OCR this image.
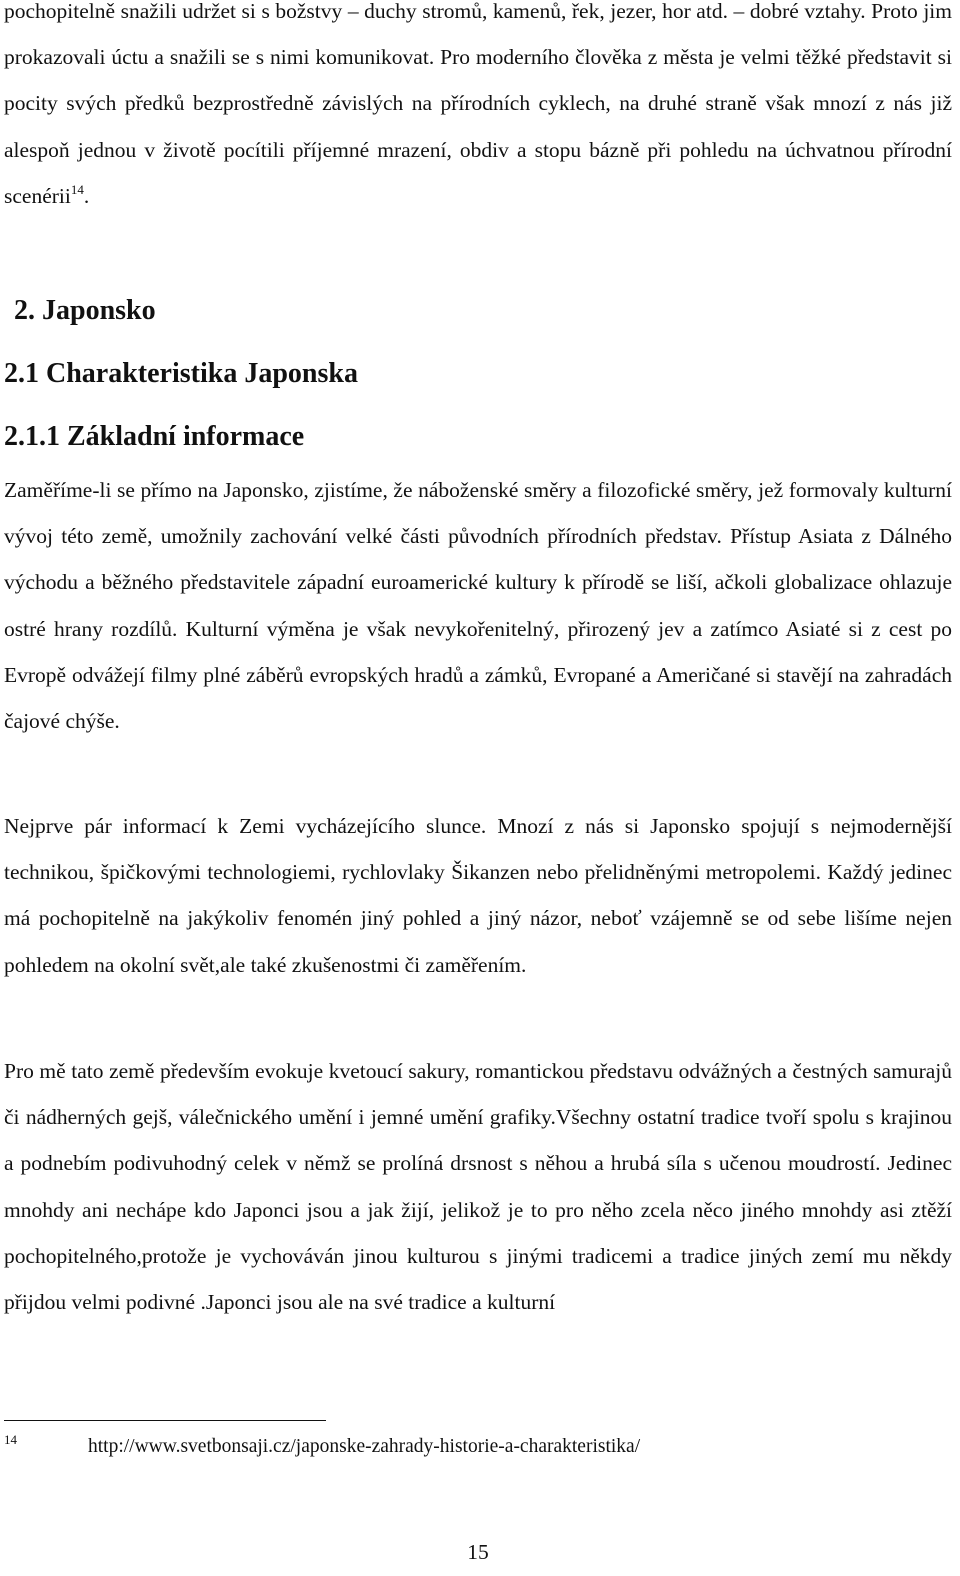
pochopitelně snažili udržet si s božstvy – duchy stromů, kamenů, řek, jezer, hor atd. – dobré vztahy. Proto jim prokazovali úctu a snažili se s nimi komunikovat. Pro moderního člověka z města je velmi těžké představit si pocity svých předků bezprostředně závislých na přírodních cyklech, na druhé straně však mnozí z nás již alespoň jednou v životě pocítili příjemné mrazení, obdiv a stopu bázně při pohledu na úchvatnou přírodní scenérii$^{14}$.

2. Japonsko
2.1 Charakteristika Japonska
2.1.1 Základní informace

Zaměříme-li se přímo na Japonsko, zjistíme, že náboženské směry a filozofické směry, jež formovaly kulturní vývoj této země, umožnily zachování velké části původních přírodních představ. Přístup Asiata z Dálného východu a běžného představitele západní euroamerické kultury k přírodě se liší, ačkoli globalizace ohlazuje ostré hrany rozdílů. Kulturní výměna je však nevykořenitelný, přirozený jev a zatímco Asiaté si z cest po Evropě odvážejí filmy plné záběrů evropských hradů a zámků, Evropané a Američané si stavějí na zahradách čajové chýše.

Nejprve pár informací k Zemi vycházejícího slunce. Mnozí z nás si Japonsko spojují s nejmodernější technikou, špičkovými technologiemi, rychlovlaky Šikanzen nebo přelidněnými metropolemi. Každý jedinec má pochopitelně na jakýkoliv fenomén jiný pohled a jiný názor, neboť vzájemně se od sebe lišíme nejen pohledem na okolní svět,ale také zkušenostmi či zaměřením.

Pro mě tato země především evokuje kvetoucí sakury, romantickou představu odvážných a čestných samurajů či nádherných gejš, válečnického umění i jemné umění grafiky.Všechny ostatní tradice tvoří spolu s krajinou a podnebím podivuhodný celek v němž se prolíná drsnost s něhou a hrubá síla s učenou moudrostí. Jedinec mnohdy ani nechápe kdo Japonci jsou a jak žijí, jelikož je to pro něho zcela něco jiného mnohdy asi ztěží pochopitelného,protože je vychováván jinou kulturou s jinými tradicemi a tradice jiných zemí mu někdy přijdou velmi podivné .Japonci jsou ale na své tradice a kulturní

14	http://www.svetbonsaji.cz/japonske-zahrady-historie-a-charakteristika/
15
